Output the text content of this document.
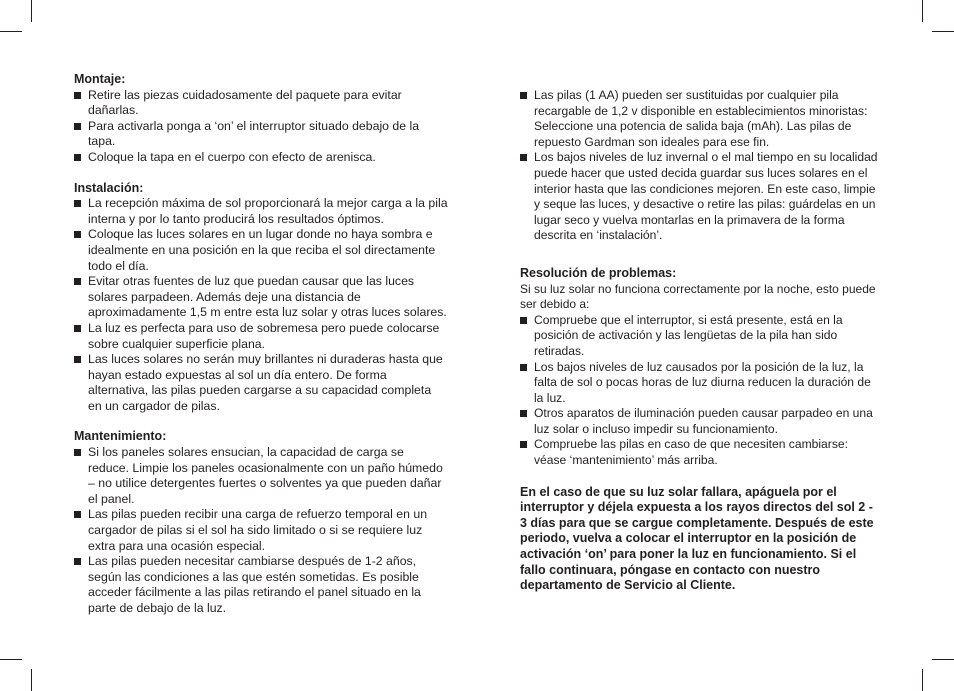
Montaje:

Retire las piezas cuidadosamente del paquete para evitar dañarlas.
Para activarla ponga a ‘on’ el interruptor situado debajo de la tapa.
Coloque la tapa en el cuerpo con efecto de arenisca.

Instalación:

La recepción máxima de sol proporcionará la mejor carga a la pila interna y por lo tanto producirá los resultados óptimos.
Coloque las luces solares en un lugar donde no haya sombra e idealmente en una posición en la que reciba el sol directamente todo el día.
Evitar otras fuentes de luz que puedan causar que las luces solares parpadeen. Además deje una distancia de aproximadamente 1,5 m entre esta luz solar y otras luces solares.
La luz es perfecta para uso de sobremesa pero puede colocarse sobre cualquier superficie plana.
Las luces solares no serán muy brillantes ni duraderas hasta que hayan estado expuestas al sol un día entero. De forma alternativa, las pilas pueden cargarse a su capacidad completa en un cargador de pilas.

Mantenimiento:

Si los paneles solares ensucian, la capacidad de carga se reduce. Limpie los paneles ocasionalmente con un paño húmedo – no utilice detergentes fuertes o solventes ya que pueden dañar el panel.
Las pilas pueden recibir una carga de refuerzo temporal en un cargador de pilas si el sol ha sido limitado o si se requiere luz extra para una ocasión especial.
Las pilas pueden necesitar cambiarse después de 1-2 años, según las condiciones a las que estén sometidas. Es posible acceder fácilmente a las pilas retirando el panel situado en la parte de debajo de la luz.
Las pilas (1 AA) pueden ser sustituidas por cualquier pila recargable de 1,2 v disponible en establecimientos minoristas: Seleccione una potencia de salida baja (mAh). Las pilas de repuesto Gardman son ideales para ese fin.
Los bajos niveles de luz invernal o el mal tiempo en su localidad puede hacer que usted decida guardar sus luces solares en el interior hasta que las condiciones mejoren. En este caso, limpie y seque las luces, y desactive o retire las pilas: guárdelas en un lugar seco y vuelva montarlas en la primavera de la forma descrita en ‘instalación’.

Resolución de problemas:

Si su luz solar no funciona correctamente por la noche, esto puede ser debido a:

Compruebe que el interruptor, si está presente, está en la posición de activación y las lengüetas de la pila han sido retiradas.
Los bajos niveles de luz causados por la posición de la luz, la falta de sol o pocas horas de luz diurna reducen la duración de la luz.
Otros aparatos de iluminación pueden causar parpadeo en una luz solar o incluso impedir su funcionamiento.
Compruebe las pilas en caso de que necesiten cambiarse: véase ‘mantenimiento’ más arriba.

En el caso de que su luz solar fallara, apáguela por el interruptor y déjela expuesta a los rayos directos del sol 2 - 3 días para que se cargue completamente. Después de este periodo, vuelva a colocar el interruptor en la posición de activación ‘on’ para poner la luz en funcionamiento. Si el fallo continuara, póngase en contacto con nuestro departamento de Servicio al Cliente.
